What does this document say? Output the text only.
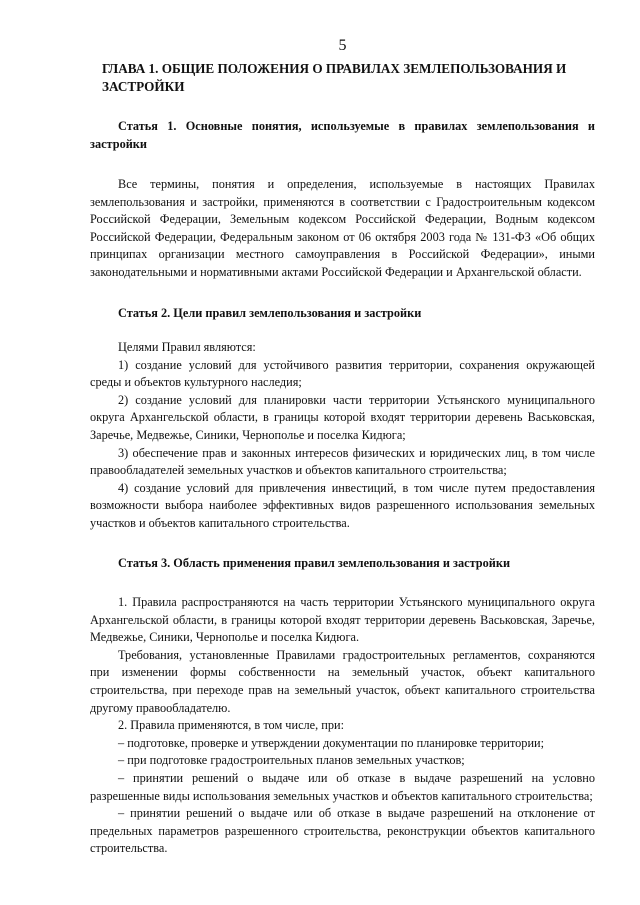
5
ГЛАВА 1. ОБЩИЕ ПОЛОЖЕНИЯ О ПРАВИЛАХ ЗЕМЛЕПОЛЬЗОВАНИЯ И ЗАСТРОЙКИ
Статья 1. Основные понятия, используемые в правилах землепользования и застройки

Все термины, понятия и определения, используемые в настоящих Правилах землепользования и застройки, применяются в соответствии с Градостроительным кодексом Российской Федерации, Земельным кодексом Российской Федерации, Водным кодексом Российской Федерации, Федеральным законом от 06 октября 2003 года № 131-ФЗ «Об общих принципах организации местного самоуправления в Российской Федерации», иными законодательными и нормативными актами Российской Федерации и Архангельской области.

Статья 2. Цели правил землепользования и застройки

Целями Правил являются:

1) создание условий для устойчивого развития территории, сохранения окружающей среды и объектов культурного наследия;

2) создание условий для планировки части территории Устьянского муниципального округа Архангельской области, в границы которой входят территории деревень Васьковская, Заречье, Медвежье, Синики, Чернополье и поселка Кидюга;

3) обеспечение прав и законных интересов физических и юридических лиц, в том числе правообладателей земельных участков и объектов капитального строительства;

4) создание условий для привлечения инвестиций, в том числе путем предоставления возможности выбора наиболее эффективных видов разрешенного использования земельных участков и объектов капитального строительства.

Статья 3. Область применения правил землепользования и застройки

1. Правила распространяются на часть территории Устьянского муниципального округа Архангельской области, в границы которой входят территории деревень Васьковская, Заречье, Медвежье, Синики, Чернополье и поселка Кидюга.

Требования, установленные Правилами градостроительных регламентов, сохраняются при изменении формы собственности на земельный участок, объект капитального строительства, при переходе прав на земельный участок, объект капитального строительства другому правообладателю.

2. Правила применяются, в том числе, при:

– подготовке, проверке и утверждении документации по планировке территории;

– при подготовке градостроительных планов земельных участков;

– принятии решений о выдаче или об отказе в выдаче разрешений на условно разрешенные виды использования земельных участков и объектов капитального строительства;

– принятии решений о выдаче или об отказе в выдаче разрешений на отклонение от предельных параметров разрешенного строительства, реконструкции объектов капитального строительства.
